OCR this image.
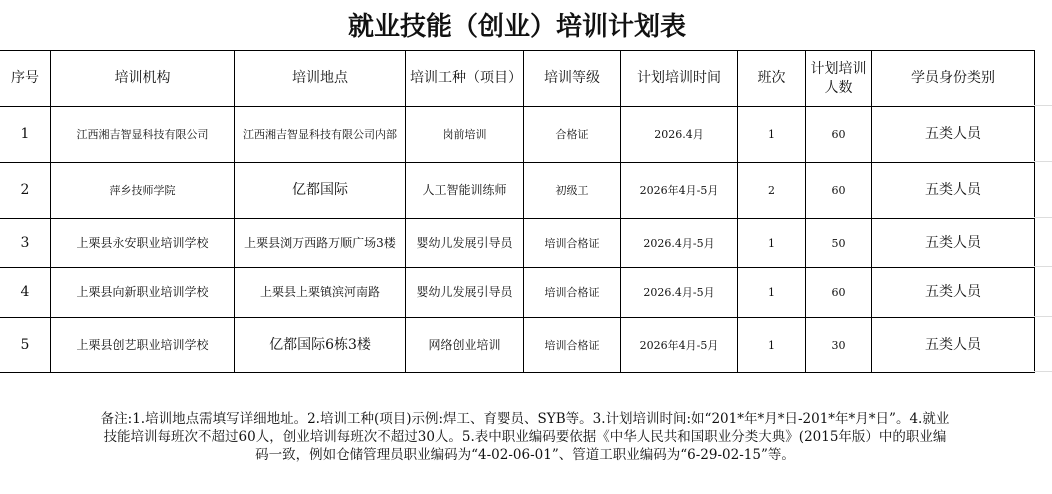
就业技能（创业）培训计划表
序号	培训机构	培训地点	培训工种（项目）	培训等级	计划培训时间	班次	计划培训人数	学员身份类别
1	江西湘吉智显科技有限公司	江西湘吉智显科技有限公司内部	岗前培训	合格证	2026.4月	1	60	五类人员
2	萍乡技师学院	亿都国际	人工智能训练师	初级工	2026年4月-5月	2	60	五类人员
3	上栗县永安职业培训学校	上栗县浏万西路万顺广场3楼	婴幼儿发展引导员	培训合格证	2026.4月-5月	1	50	五类人员
4	上栗县向新职业培训学校	上栗县上栗镇滨河南路	婴幼儿发展引导员	培训合格证	2026.4月-5月	1	60	五类人员
5	上栗县创艺职业培训学校	亿都国际6栋3楼	网络创业培训	培训合格证	2026年4月-5月	1	30	五类人员
备注:1.培训地点需填写详细地址。2.培训工种(项目)示例:焊工、育婴员、SYB等。3.计划培训时间:如“201*年*月*日-201*年*月*日”。4.就业技能培训每班次不超过60人，创业培训每班次不超过30人。5.表中职业编码要依据《中华人民共和国职业分类大典》(2015年版）中的职业编码一致，例如仓储管理员职业编码为“4-02-06-01”、管道工职业编码为“6-29-02-15”等。
